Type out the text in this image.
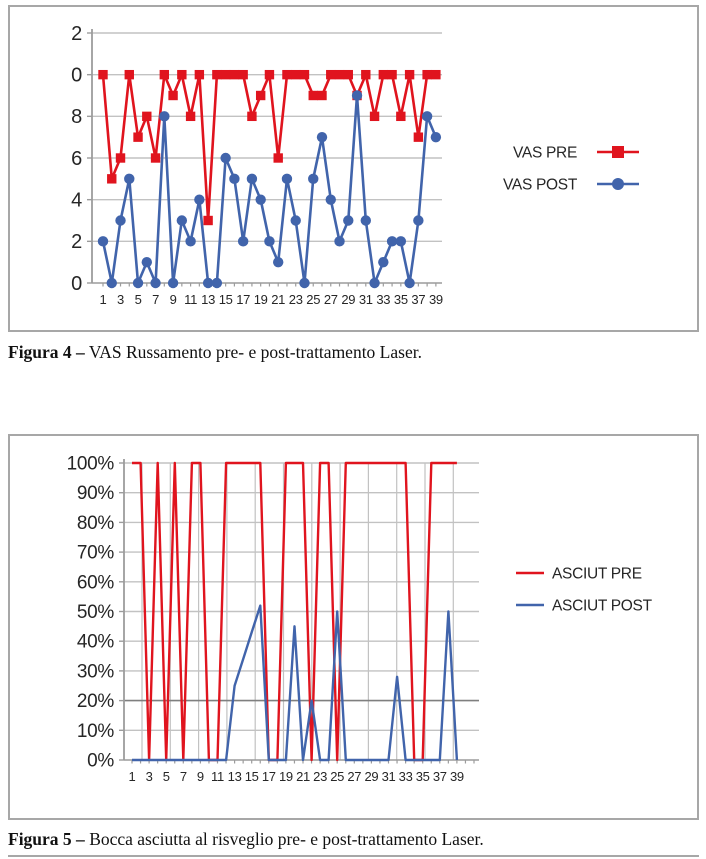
2
0
8
6
4
2
0
1 3 5 7 9 11 13 15 17 19 21 23 25 27 29 31 33 35 37 39
VAS PRE
VAS POST
Figura 4 – VAS Russamento pre- e post-trattamento Laser.
100%
90%
80%
70%
60%
50%
40%
30%
20%
10%
0%
1 3 5 7 9 11 13 15 17 19 21 23 25 27 29 31 33 35 37 39
ASCIUT PRE
ASCIUT POST
Figura 5 – Bocca asciutta al risveglio pre- e post-trattamento Laser.
